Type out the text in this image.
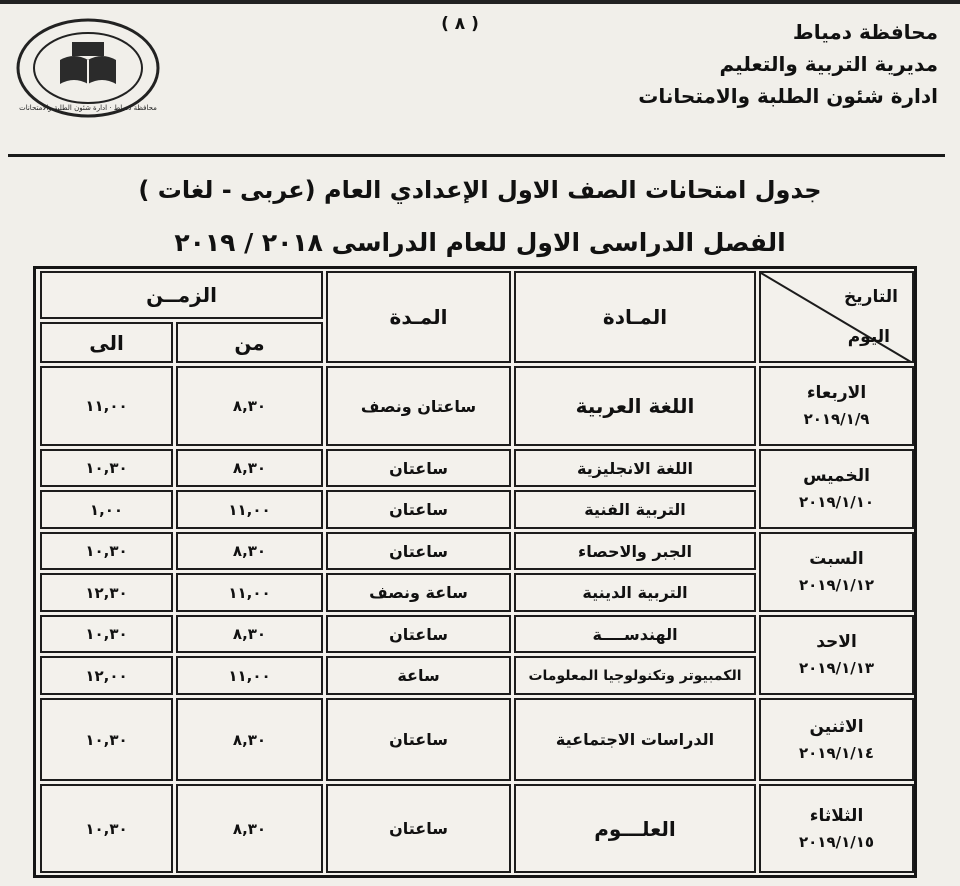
( ٨ )	محافظة دمياط
مديرية التربية والتعليم
ادارة شئون الطلبة والامتحانات
محافظة دمياط · ادارة شئون الطلبة والامتحانات
جدول امتحانات الصف الاول الإعدادي العام (عربى - لغات )
الفصل الدراسى الاول للعام الدراسى ٢٠١٨ / ٢٠١٩
التاريخ
اليوم
المـادة
المـدة
الزمــن
من
الى
الاربعاء
٢٠١٩/١/٩
الخميس
٢٠١٩/١/١٠
السبت
٢٠١٩/١/١٢
الاحد
٢٠١٩/١/١٣
الاثنين
٢٠١٩/١/١٤
الثلاثاء
٢٠١٩/١/١٥
اللغة العربية
ساعتان ونصف
٨,٣٠
١١,٠٠
اللغة الانجليزية
ساعتان
٨,٣٠
١٠,٣٠
التربية الفنية
ساعتان
١١,٠٠
١,٠٠
الجبر والاحصاء
ساعتان
٨,٣٠
١٠,٣٠
التربية الدينية
ساعة ونصف
١١,٠٠
١٢,٣٠
الهندســــة
ساعتان
٨,٣٠
١٠,٣٠
الكمبيوتر وتكنولوجيا المعلومات
ساعة
١١,٠٠
١٢,٠٠
الدراسات الاجتماعية
ساعتان
٨,٣٠
١٠,٣٠
العلـــوم
ساعتان
٨,٣٠
١٠,٣٠
